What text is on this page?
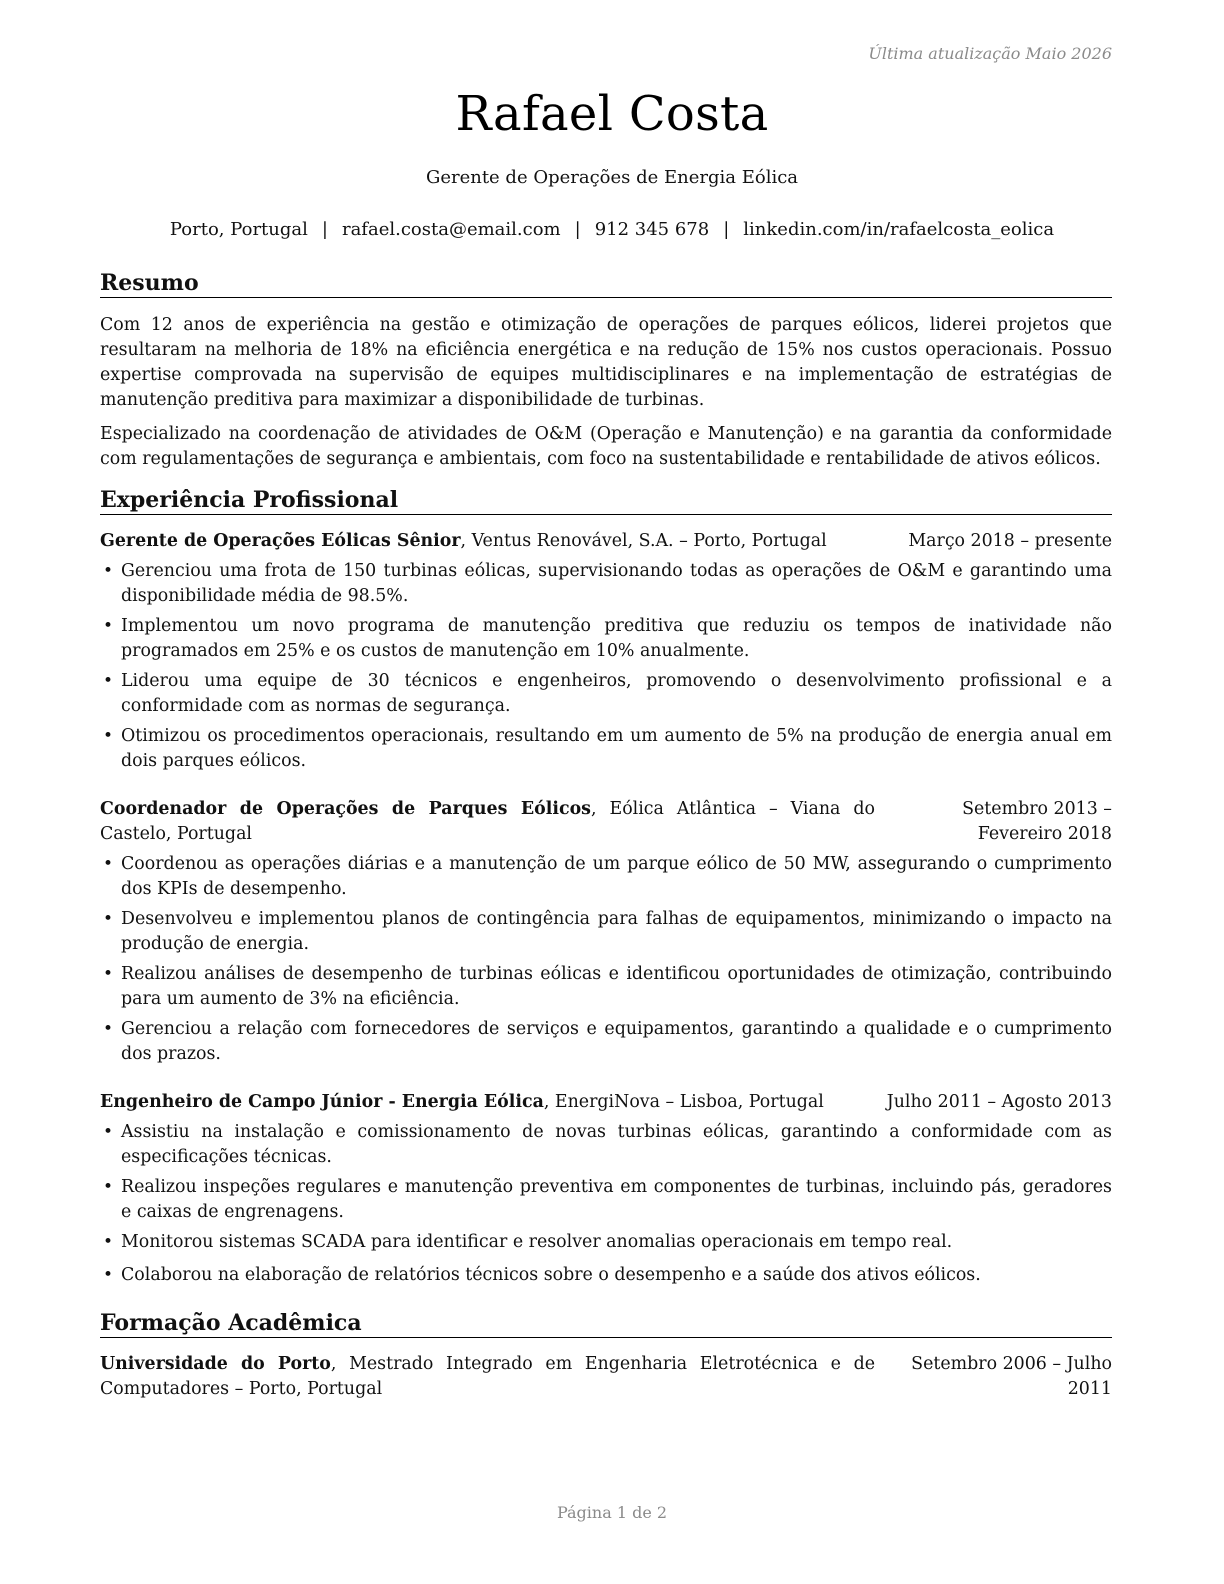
Última atualização Maio 2026
Rafael Costa
Gerente de Operações de Energia Eólica
Porto, Portugal | rafael.costa@email.com | 912 345 678 | linkedin.com/in/rafaelcosta_eolica
Resumo

Com 12 anos de experiência na gestão e otimização de operações de parques eólicos, liderei projetos que resultaram na melhoria de 18% na eficiência energética e na redução de 15% nos custos operacionais. Possuo expertise comprovada na supervisão de equipes multidisciplinares e na implementação de estratégias de manutenção preditiva para maximizar a disponibilidade de turbinas.

Especializado na coordenação de atividades de O&M (Operação e Manutenção) e na garantia da conformidade com regulamentações de segurança e ambientais, com foco na sustentabilidade e rentabilidade de ativos eólicos.

Experiência Profissional
Gerente de Operações Eólicas Sênior, Ventus Renovável, S.A. – Porto, Portugal	Março 2018 – presente
• Gerenciou uma frota de 150 turbinas eólicas, supervisionando todas as operações de O&M e garantindo uma disponibilidade média de 98.5%.
• Implementou um novo programa de manutenção preditiva que reduziu os tempos de inatividade não programados em 25% e os custos de manutenção em 10% anualmente.
• Liderou uma equipe de 30 técnicos e engenheiros, promovendo o desenvolvimento profissional e a conformidade com as normas de segurança.
• Otimizou os procedimentos operacionais, resultando em um aumento de 5% na produção de energia anual em dois parques eólicos.
Coordenador de Operações de Parques Eólicos, Eólica Atlântica – Viana do Castelo, Portugal
Setembro 2013 – Fevereiro 2018
• Coordenou as operações diárias e a manutenção de um parque eólico de 50 MW, assegurando o cumprimento dos KPIs de desempenho.
• Desenvolveu e implementou planos de contingência para falhas de equipamentos, minimizando o impacto na produção de energia.
• Realizou análises de desempenho de turbinas eólicas e identificou oportunidades de otimização, contribuindo para um aumento de 3% na eficiência.
• Gerenciou a relação com fornecedores de serviços e equipamentos, garantindo a qualidade e o cumprimento dos prazos.
Engenheiro de Campo Júnior - Energia Eólica, EnergiNova – Lisboa, Portugal	Julho 2011 – Agosto 2013
• Assistiu na instalação e comissionamento de novas turbinas eólicas, garantindo a conformidade com as especificações técnicas.
• Realizou inspeções regulares e manutenção preventiva em componentes de turbinas, incluindo pás, geradores e caixas de engrenagens.
• Monitorou sistemas SCADA para identificar e resolver anomalias operacionais em tempo real.
• Colaborou na elaboração de relatórios técnicos sobre o desempenho e a saúde dos ativos eólicos.
Formação Acadêmica
Universidade do Porto, Mestrado Integrado em Engenharia Eletrotécnica e de Computadores – Porto, Portugal
Setembro 2006 – Julho 2011
Página 1 de 2
